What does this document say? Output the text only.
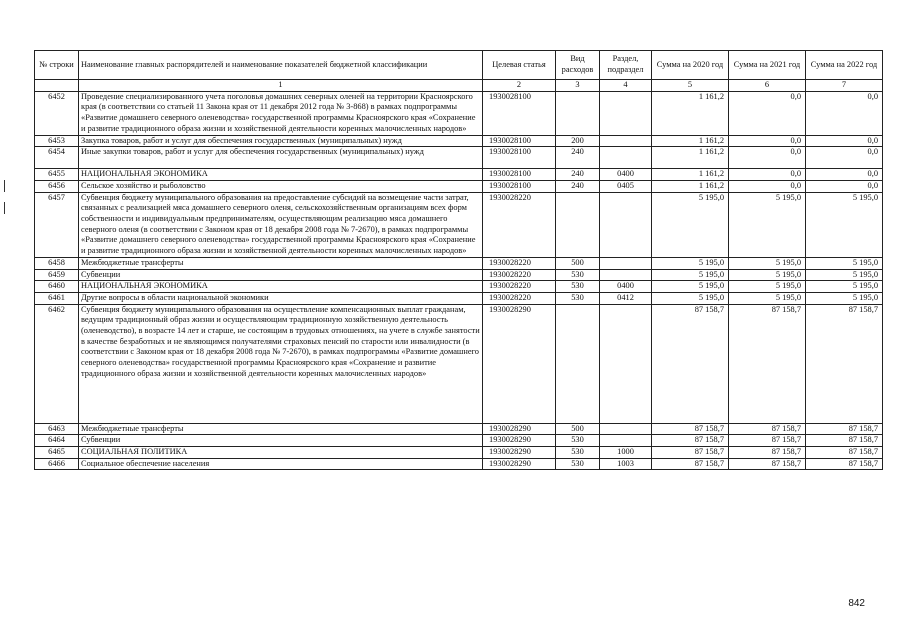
№ строки	Наименование главных распорядителей и наименование показателей бюджетной классификации	Целевая статья	Вид расходов	Раздел, подраздел	Сумма на 2020 год	Сумма на 2021 год	Сумма на 2022 год
	1	2	3	4	5	6	7
6452	Проведение специализированного учета поголовья домашних северных оленей на территории Красноярского края (в соответствии со статьей 11 Закона края от 11 декабря 2012 года № 3-868) в рамках подпрограммы «Развитие домашнего северного оленеводства» государственной программы Красноярского края «Сохранение и развитие традиционного образа жизни и хозяйственной деятельности коренных малочисленных народов»	1930028100			1 161,2	0,0	0,0
6453	Закупка товаров, работ и услуг для обеспечения государственных (муниципальных) нужд	1930028100	200		1 161,2	0,0	0,0
6454	Иные закупки товаров, работ и услуг для обеспечения государственных (муниципальных) нужд	1930028100	240		1 161,2	0,0	0,0
6455	НАЦИОНАЛЬНАЯ ЭКОНОМИКА	1930028100	240	0400	1 161,2	0,0	0,0
6456	Сельское хозяйство и рыболовство	1930028100	240	0405	1 161,2	0,0	0,0
6457	Субвенция бюджету муниципального образования на предоставление субсидий на возмещение части затрат, связанных с реализацией мяса домашнего северного оленя, сельскохозяйственным организациям всех форм собственности и индивидуальным предпринимателям, осуществляющим реализацию мяса домашнего северного оленя (в соответствии с Законом края от 18 декабря 2008 года № 7-2670), в рамках подпрограммы «Развитие домашнего северного оленеводства» государственной программы Красноярского края «Сохранение и развитие традиционного образа жизни и хозяйственной деятельности коренных малочисленных народов»	1930028220			5 195,0	5 195,0	5 195,0
6458	Межбюджетные трансферты	1930028220	500		5 195,0	5 195,0	5 195,0
6459	Субвенции	1930028220	530		5 195,0	5 195,0	5 195,0
6460	НАЦИОНАЛЬНАЯ ЭКОНОМИКА	1930028220	530	0400	5 195,0	5 195,0	5 195,0
6461	Другие вопросы в области национальной экономики	1930028220	530	0412	5 195,0	5 195,0	5 195,0
6462	Субвенция бюджету муниципального образования на осуществление компенсационных выплат гражданам, ведущим традиционный образ жизни и осуществляющим традиционную хозяйственную деятельность (оленеводство), в возрасте 14 лет и старше, не состоящим в трудовых отношениях, на учете в службе занятости в качестве безработных и не являющимся получателями страховых пенсий по старости или инвалидности (в соответствии с Законом края от 18 декабря 2008 года № 7-2670), в рамках подпрограммы «Развитие домашнего северного оленеводства» государственной программы Красноярского края «Сохранение и развитие традиционного образа жизни и хозяйственной деятельности коренных малочисленных народов»	1930028290			87 158,7	87 158,7	87 158,7
6463	Межбюджетные трансферты	1930028290	500		87 158,7	87 158,7	87 158,7
6464	Субвенции	1930028290	530		87 158,7	87 158,7	87 158,7
6465	СОЦИАЛЬНАЯ ПОЛИТИКА	1930028290	530	1000	87 158,7	87 158,7	87 158,7
6466	Социальное обеспечение населения	1930028290	530	1003	87 158,7	87 158,7	87 158,7
842
